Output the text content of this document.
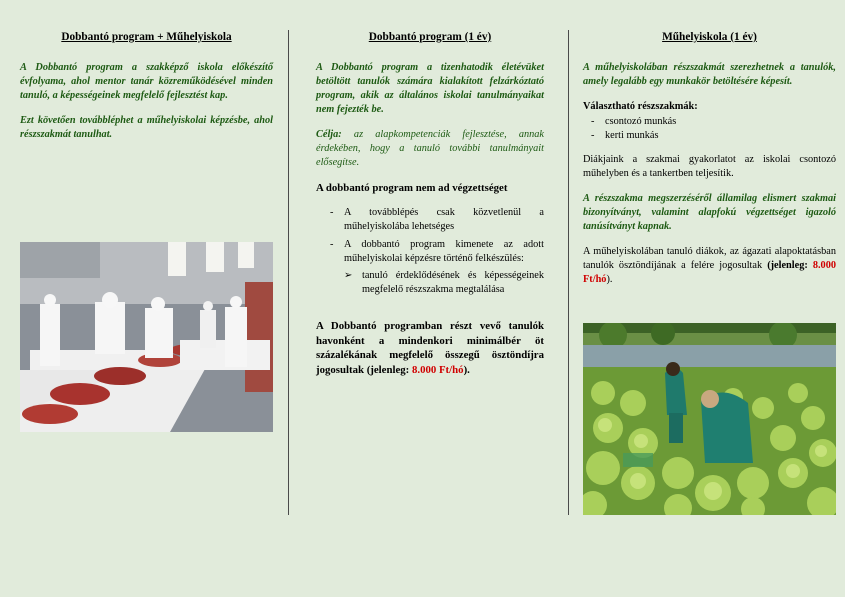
Dobbantó program + Műhelyiskola

A Dobbantó program a szakképző iskola előkészítő évfolyama, ahol mentor tanár közreműködésével minden tanuló, a képességeinek megfelelő fejlesztést kap.

Ezt követően továbbléphet a műhelyiskolai képzésbe, ahol részszakmát tanulhat.

Dobbantó program (1 év)

A Dobbantó program a tizenhatodik életévüket betöltött tanulók számára kialakított felzárkóztató program, akik az általános iskolai tanulmányaikat nem fejezték be.

Célja: az alapkompetenciák fejlesztése, annak érdekében, hogy a tanuló további tanulmányait elősegítse.

A dobbantó program nem ad végzettséget

- A továbblépés csak közvetlenül a műhelyiskolába lehetséges
- A dobbantó program kimenete az adott műhelyiskolai képzésre történő felkészülés:
➢ tanuló érdeklődésének és képességeinek megfelelő részszakma megtalálása

A Dobbantó programban részt vevő tanulók havonként a mindenkori minimálbér öt százalékának megfelelő összegű ösztöndíjra jogosultak (jelenleg: 8.000 Ft/hó).

Műhelyiskola (1 év)

A műhelyiskolában részszakmát szerezhetnek a tanulók, amely legalább egy munkakör betöltésére képesít.

Választható részszakmák:

- csontozó munkás
- kerti munkás

Diákjaink a szakmai gyakorlatot az iskolai csontozó műhelyben és a tankertben teljesítik.

A részszakma megszerzéséről államilag elismert szakmai bizonyítványt, valamint alapfokú végzettséget igazoló tanúsítványt kapnak.

A műhelyiskolában tanuló diákok, az ágazati alapoktatásban tanulók ösztöndíjának a felére jogosultak (jelenleg: 8.000 Ft/hó).
